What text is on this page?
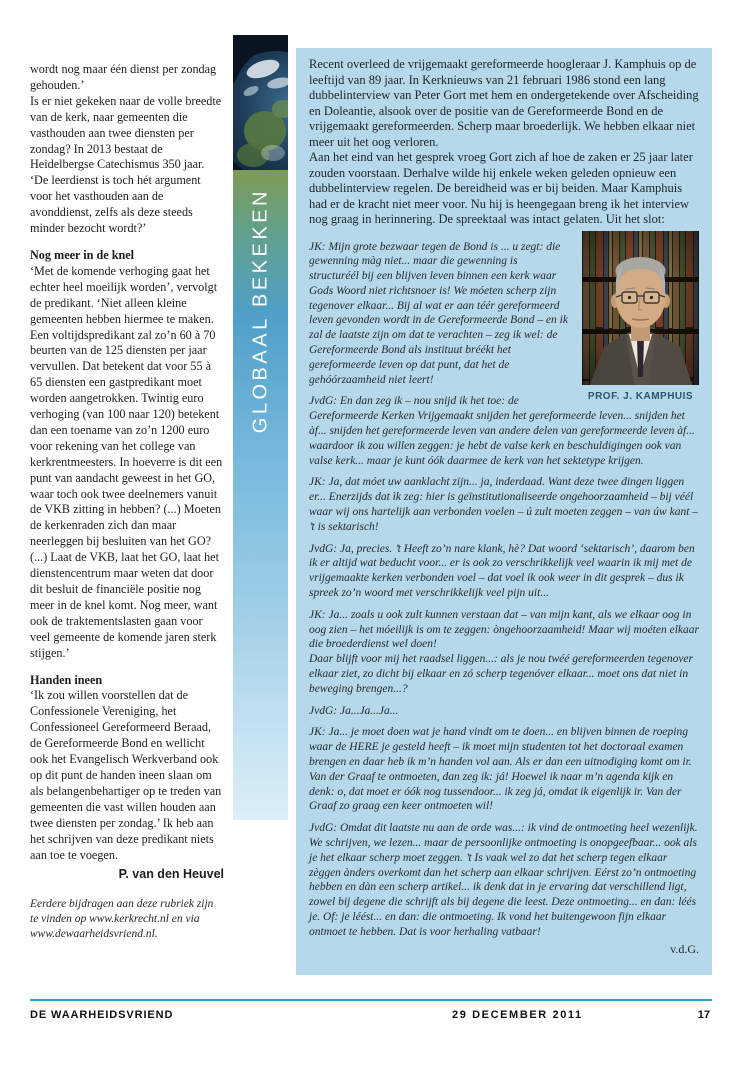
wordt nog maar één dienst per zondag gehouden.’

Is er niet gekeken naar de volle breedte van de kerk, naar gemeenten die vasthouden aan twee diensten per zondag? In 2013 bestaat de Heidelbergse Catechismus 350 jaar. ‘De leerdienst is toch hét argument voor het vasthouden aan de avonddienst, zelfs als deze steeds minder bezocht wordt?’

Nog meer in de knel

‘Met de komende verhoging gaat het echter heel moeilijk worden’, vervolgt de predikant. ‘Niet alleen kleine gemeenten hebben hiermee te maken. Een voltijdspredikant zal zo’n 60 à 70 beurten van de 125 diensten per jaar vervullen. Dat betekent dat voor 55 à 65 diensten een gastpredikant moet worden aangetrokken. Twintig euro verhoging (van 100 naar 120) betekent dan een toename van zo’n 1200 euro voor rekening van het college van kerkrentmeesters. In hoeverre is dit een punt van aandacht geweest in het GO, waar toch ook twee deelnemers vanuit de VKB zitting in hebben? (...) Moeten de kerkenraden zich dan maar neerleggen bij besluiten van het GO? (...) Laat de VKB, laat het GO, laat het dienstencentrum maar weten dat door dit besluit de financiële positie nog meer in de knel komt. Nog meer, want ook de traktementslasten gaan voor veel gemeente de komende jaren sterk stijgen.’

Handen ineen

‘Ik zou willen voorstellen dat de Confessionele Vereniging, het Confessioneel Gereformeerd Beraad, de Gereformeerde Bond en wellicht ook het Evangelisch Werkverband ook op dit punt de handen ineen slaan om als belangenbehartiger op te treden van gemeenten die vast willen houden aan twee diensten per zondag.’ Ik heb aan het schrijven van deze predikant niets aan toe te voegen.

P. van den Heuvel

Eerdere bijdragen aan deze rubriek zijn te vinden op www.kerkrecht.nl en via www.dewaarheidsvriend.nl.

GLOBAAL BEKEKEN

Recent overleed de vrijgemaakt gereformeerde hoogleraar J. Kamphuis op de leeftijd van 89 jaar. In Kerknieuws van 21 februari 1986 stond een lang dubbelinterview van Peter Gort met hem en ondergetekende over Afscheiding en Doleantie, alsook over de positie van de Gereformeerde Bond en de vrijgemaakt gereformeerden. Scherp maar broederlijk. We hebben elkaar niet meer uit het oog verloren.

Aan het eind van het gesprek vroeg Gort zich af hoe de zaken er 25 jaar later zouden voorstaan. Derhalve wilde hij enkele weken geleden opnieuw een dubbelinterview regelen. De bereidheid was er bij beiden. Maar Kamphuis had er de kracht niet meer voor. Nu hij is heengegaan breng ik het interview nog graag in herinnering. De spreektaal was intact gelaten. Uit het slot:

PROF. J. KAMPHUIS

JK: Mijn grote bezwaar tegen de Bond is ... u zegt: die gewenning màg niet... maar die gewenning is structuréél bij een blijven leven binnen een kerk waar Gods Woord niet richtsnoer is! We móeten scherp zijn tegenover elkaar... Bij al wat er aan téér gereformeerd leven gevonden wordt in de Gereformeerde Bond – en ik zal de laatste zijn om dat te verachten – zeg ik wel: de Gereformeerde Bond als instituut bréékt het gereformeerde leven op dat punt, dat het de gehóórzaamheid niet leert!

JvdG: En dan zeg ik – nou snijd ik het toe: de Gereformeerde Kerken Vrijgemaakt snijden het gereformeerde leven... snijden het àf... snijden het gereformeerde leven van andere delen van gereformeerde leven àf... waardoor ik zou willen zeggen: je hebt de valse kerk en beschuldigingen ook van valse kerk... maar je kunt óók daarmee de kerk van het sektetype krijgen.

JK: Ja, dat móet uw aanklacht zijn... ja, inderdaad. Want deze twee dingen liggen er... Enerzijds dat ìk zeg: hier is geïnstitutionaliseerde ongehoorzaamheid – bij véél waar wij ons hartelijk aan verbonden voelen – ú zult moeten zeggen – van úw kant – ’t is sektarisch!

JvdG: Ja, precies. ’t Heeft zo’n nare klank, hè? Dat woord ‘sektarisch’, daarom ben ik er altijd wat beducht voor... er is ook zo verschrikkelijk veel waarin ik mij met de vrijgemaakte kerken verbonden voel – dat voel ik ook weer in dit gesprek – dus ik spreek zo’n woord met verschrikkelijk veel pijn uit...

JK: Ja... zoals u ook zult kunnen verstaan dat – van mijn kant, als we elkaar oog in oog zien – het móeilijk is om te zeggen: òngehoorzaamheid! Maar wij moéten elkaar die broederdienst wel doen!

Daar blijft voor mij het raadsel liggen...: als je nou twéé gereformeerden tegenover elkaar ziet, zo dicht bij elkaar en zó scherp tegenóver elkaar... moet ons dat niet in beweging brengen...?

JvdG: Ja...Ja...Ja...

JK: Ja... je moet doen wat je hand vindt om te doen... en blijven binnen de roeping waar de HERE je gesteld heeft – ik moet mijn studenten tot het doctoraal examen brengen en daar heb ik m’n handen vol aan. Als er dan een uitnodiging komt om ir. Van der Graaf te ontmoeten, dan zeg ik: já! Hoewel ik naar m’n agenda kijk en denk: o, dat moet er óók nog tussendoor... ik zeg já, omdat ik eigenlijk ir. Van der Graaf zo graag een keer ontmoeten wil!

JvdG: Omdat dit laatste nu aan de orde was...: ik vind de ontmoeting heel wezenlijk. We schrijven, we lezen... maar de persoonlijke ontmoeting is onopgeefbaar... ook als je het elkaar scherp moet zeggen. ’t Is vaak wel zo dat het scherp tegen elkaar zèggen ànders overkomt dan het scherp aan elkaar schrijven. Eérst zo’n ontmoeting hebben en dàn een scherp artikel... ik denk dat in je ervaring dat verschillend ligt, zowel bij degene die schrijft als bij degene die leest. Deze ontmoeting... en dan: léés je. Of: je léést... en dan: die ontmoeting. Ik vond het buitengewoon fijn elkaar ontmoet te hebben. Dat is voor herhaling vatbaar!

v.d.G.

DE WAARHEIDSVRIEND	29 DECEMBER 2011	17
